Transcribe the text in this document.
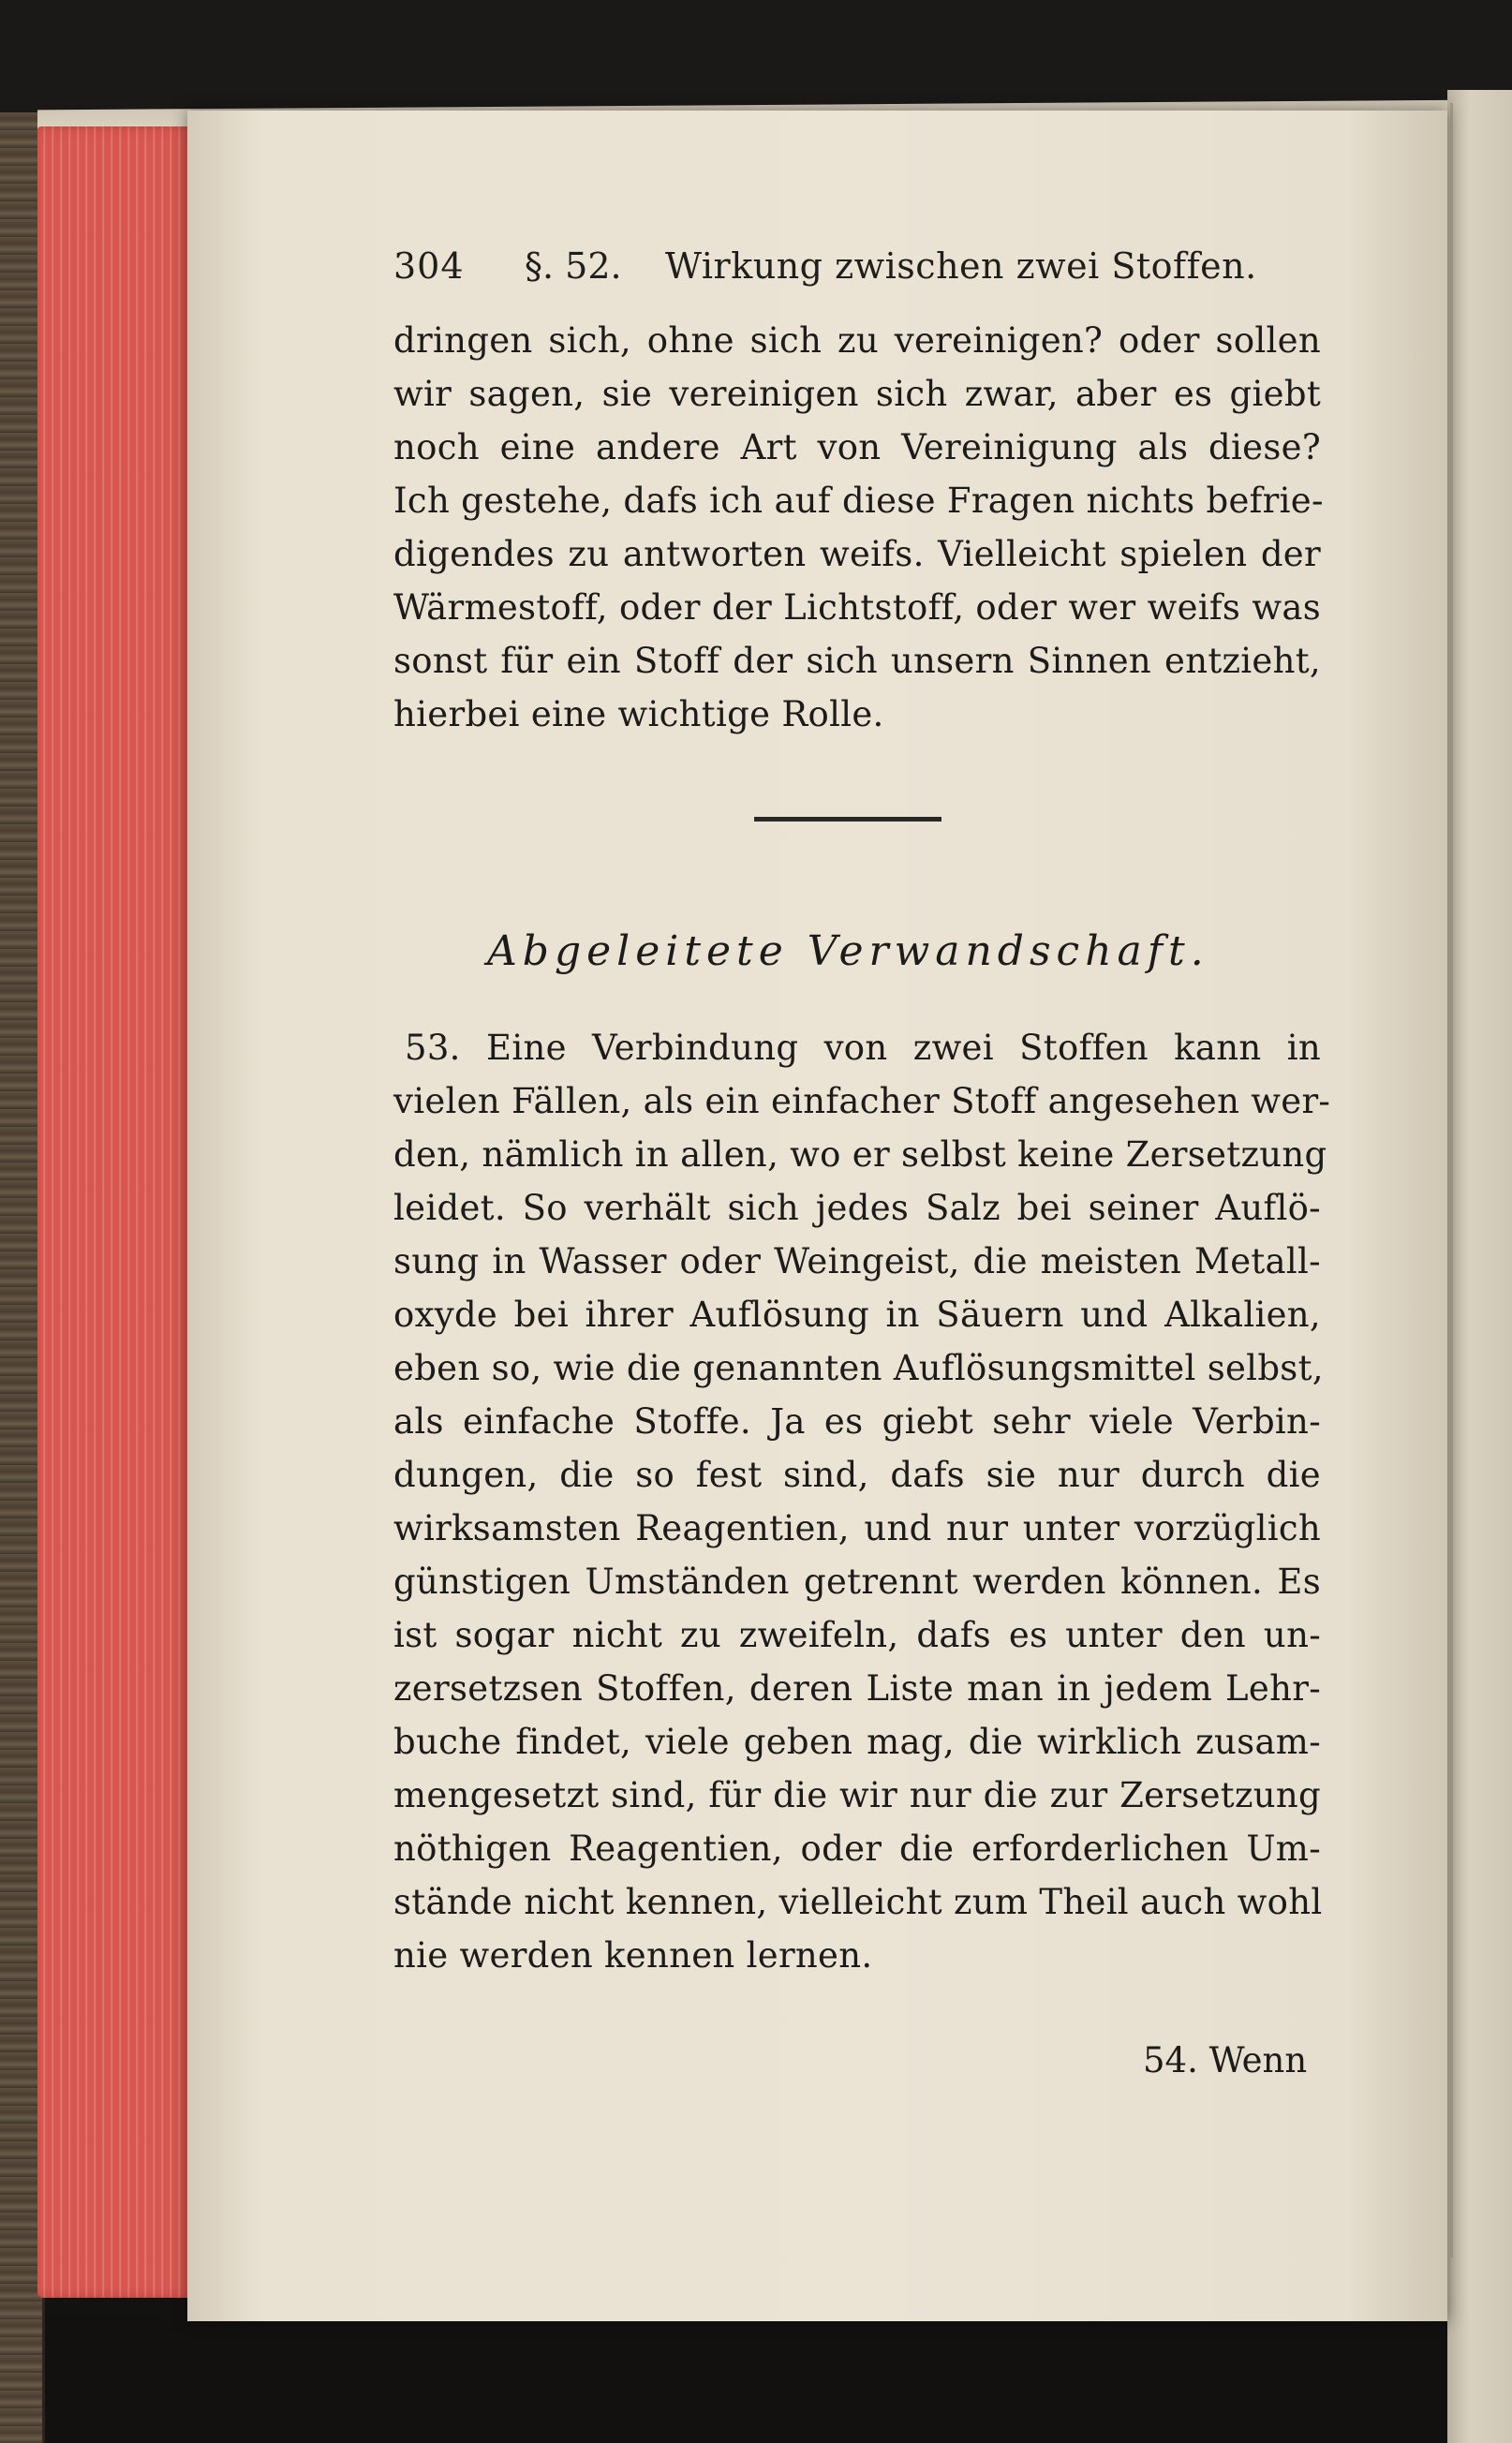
304 §. 52. Wirkung zwischen zwei Stoffen.
dringen sich, ohne sich zu vereinigen? oder sollen
wir sagen, sie vereinigen sich zwar, aber es giebt
noch eine andere Art von Vereinigung als diese?
Ich gestehe, dafs ich auf diese Fragen nichts befrie-
digendes zu antworten weifs. Vielleicht spielen der
Wärmestoff, oder der Lichtstoff, oder wer weifs was
sonst für ein Stoff der sich unsern Sinnen entzieht,
hierbei eine wichtige Rolle.
Abgeleitete Verwandschaft.
53. Eine Verbindung von zwei Stoffen kann in
vielen Fällen, als ein einfacher Stoff angesehen wer-
den, nämlich in allen, wo er selbst keine Zersetzung
leidet. So verhält sich jedes Salz bei seiner Auflö-
sung in Wasser oder Weingeist, die meisten Metall-
oxyde bei ihrer Auflösung in Säuern und Alkalien,
eben so, wie die genannten Auflösungsmittel selbst,
als einfache Stoffe. Ja es giebt sehr viele Verbin-
dungen, die so fest sind, dafs sie nur durch die
wirksamsten Reagentien, und nur unter vorzüglich
günstigen Umständen getrennt werden können. Es
ist sogar nicht zu zweifeln, dafs es unter den un-
zersetzsen Stoffen, deren Liste man in jedem Lehr-
buche findet, viele geben mag, die wirklich zusam-
mengesetzt sind, für die wir nur die zur Zersetzung
nöthigen Reagentien, oder die erforderlichen Um-
stände nicht kennen, vielleicht zum Theil auch wohl
nie werden kennen lernen.
54. Wenn
